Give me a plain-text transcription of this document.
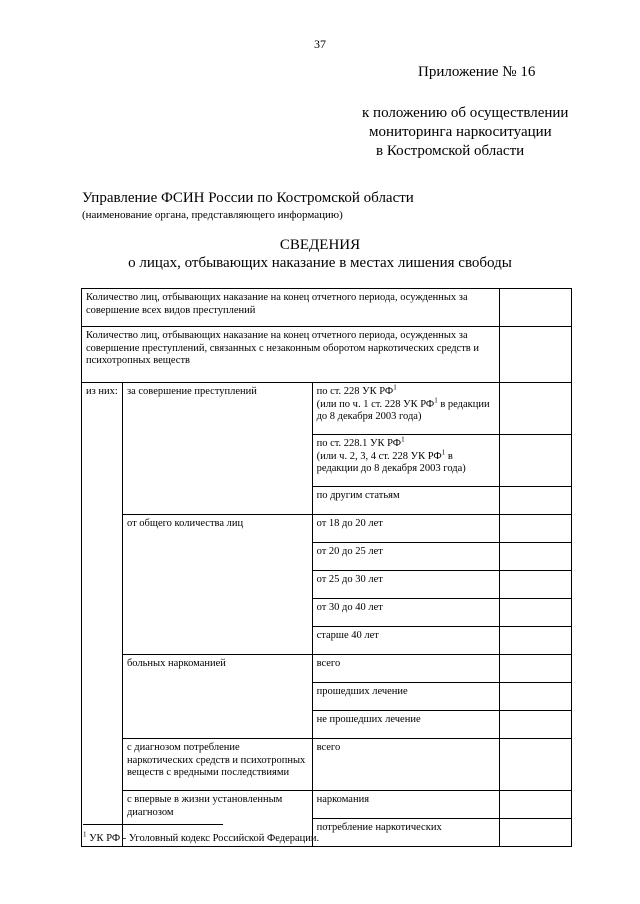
37
Приложение № 16
к положению об осуществлении
мониторинга наркоситуации
в Костромской области
Управление ФСИН России по Костромской области
(наименование органа, представляющего информацию)
СВЕДЕНИЯ
о лицах, отбывающих наказание в местах лишения свободы
Количество лиц, отбывающих наказание на конец отчетного периода, осужденных за совершение всех видов преступлений			
Количество лиц, отбывающих наказание на конец отчетного периода, осужденных за совершение преступлений, связанных с незаконным оборотом наркотических средств и психотропных веществ			
из них:	за совершение преступлений	по ст. 228 УК $РФ^1$
(или по ч. 1 ст. 228 УК $РФ^1$ в редакции до 8 декабря 2003 года)	
		по ст. 228.1 УК $РФ^1$
(или ч. 2, 3, 4 ст. 228 УК $РФ^1$ в редакции до 8 декабря 2003 года)	
		по другим статьям	
	от общего количества лиц	от 18 до 20 лет	
		от 20 до 25 лет	
		от 25 до 30 лет	
		от 30 до 40 лет	
		старше 40 лет	
	больных наркоманией	всего	
		прошедших лечение	
		не прошедших лечение	
	с диагнозом потребление наркотических средств и психотропных веществ с вредными последствиями	всего	
	с впервые в жизни установленным диагнозом	наркомания	
		потребление наркотических	
$^1$ УК РФ - Уголовный кодекс Российской Федерации.
